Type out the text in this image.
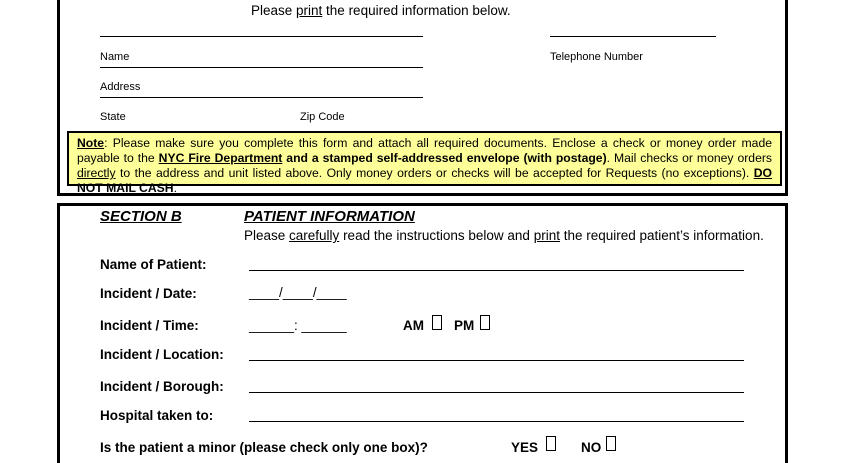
Please print the required information below.
Name	Telephone Number
Address
State	Zip Code
Note: Please make sure you complete this form and attach all required documents. Enclose a check or money order made payable to the NYC Fire Department and a stamped self-addressed envelope (with postage). Mail checks or money orders directly to the address and unit listed above. Only money orders or checks will be accepted for Requests (no exceptions). DO NOT MAIL CASH.
SECTION B	PATIENT INFORMATION
Please carefully read the instructions below and print the required patient’s information.
Name of Patient:
Incident / Date:	____/____/____
Incident / Time:	______: ______	AM PM
Incident / Location:
Incident / Borough:
Hospital taken to:
Is the patient a minor (please check only one box)?	YES	NO
